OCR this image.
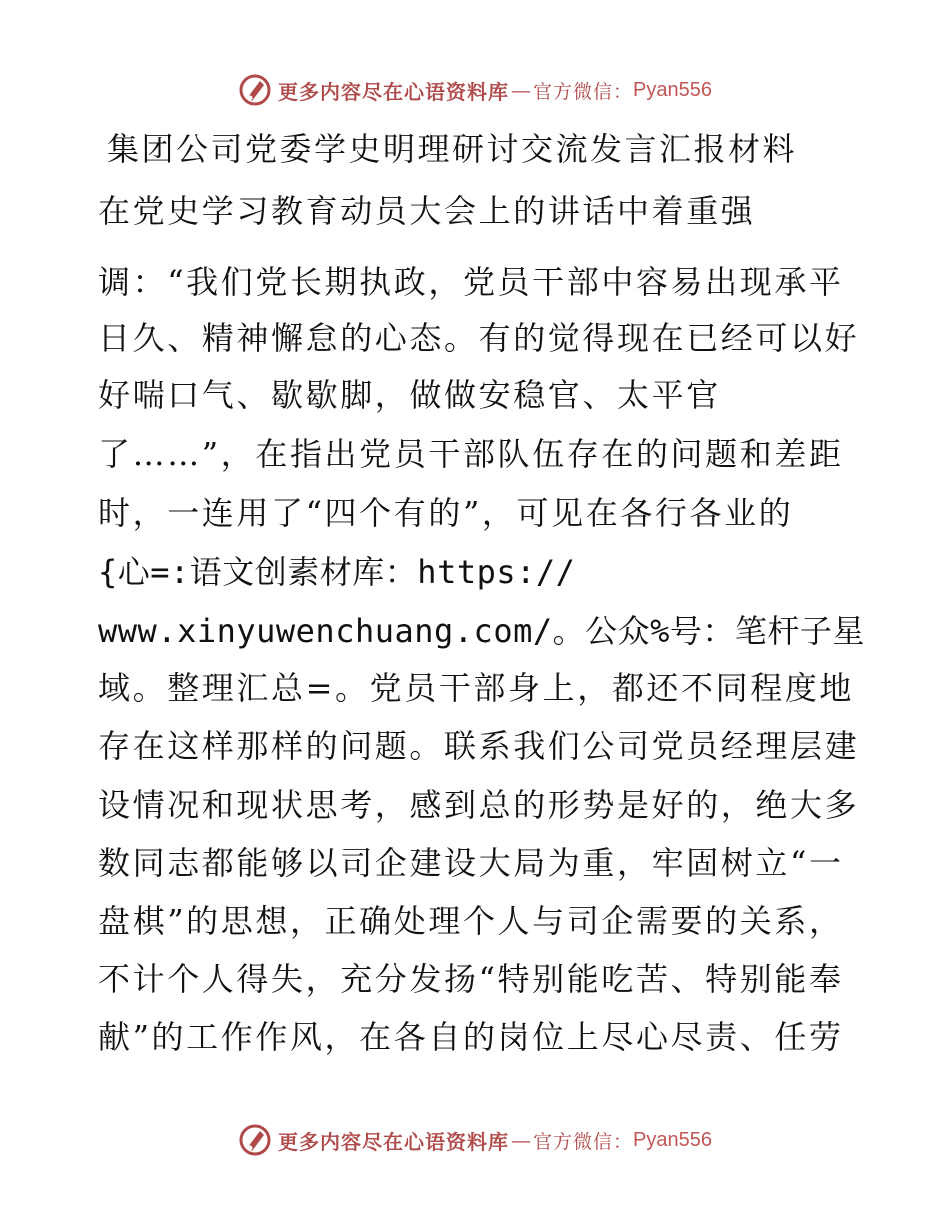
更多内容尽在心语资料库 — 官方微信： Pyan556
集团公司党委学史明理研讨交流发言汇报材料
在党史学习教育动员大会上的讲话中着重强
调：“我们党长期执政，党员干部中容易出现承平
日久、精神懈怠的心态。有的觉得现在已经可以好
好喘口气、歇歇脚，做做安稳官、太平官
了……”，在指出党员干部队伍存在的问题和差距
时，一连用了“四个有的”，可见在各行各业的
{心=:语文创素材库：https://
www.xinyuwenchuang.com/。公众%号：笔杆子星
域。整理汇总=。党员干部身上，都还不同程度地
存在这样那样的问题。联系我们公司党员经理层建
设情况和现状思考，感到总的形势是好的，绝大多
数同志都能够以司企建设大局为重，牢固树立“一
盘棋”的思想，正确处理个人与司企需要的关系，
不计个人得失，充分发扬“特别能吃苦、特别能奉
献”的工作作风，在各自的岗位上尽心尽责、任劳
更多内容尽在心语资料库 — 官方微信： Pyan556
